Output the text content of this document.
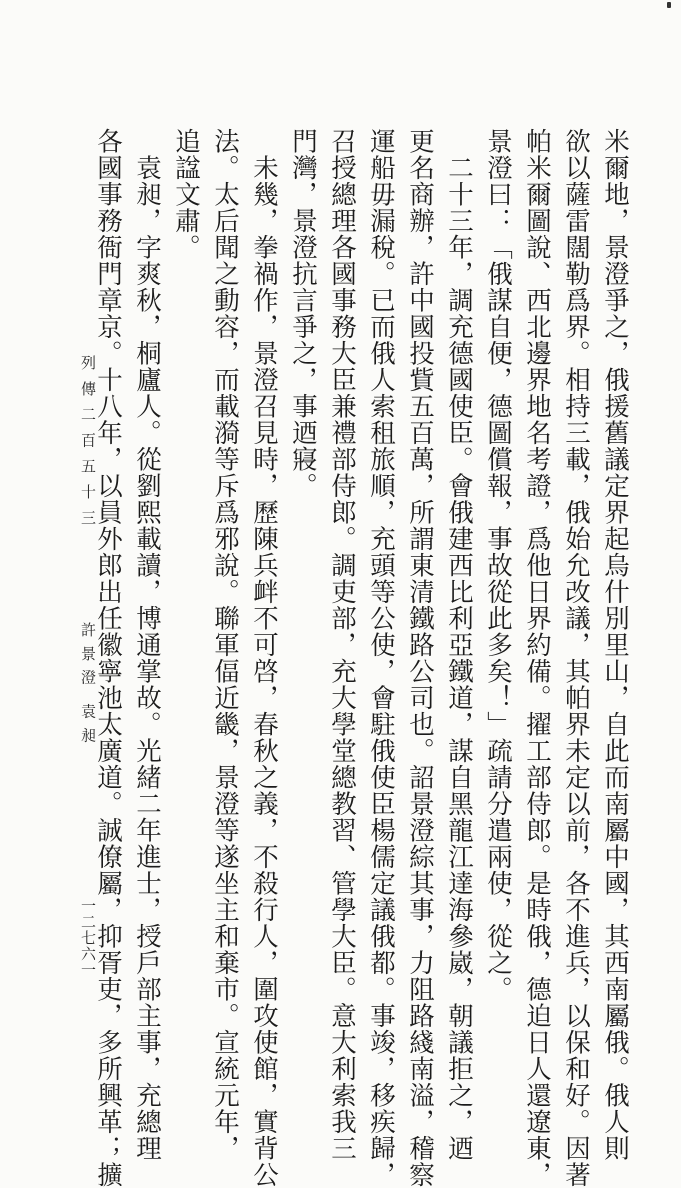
米爾地，景澄爭之，俄援舊議定界起烏什別里山，自此而南屬中國，其西南屬俄。俄人則
欲以薩雷闊勒爲界。相持三載，俄始允改議，其帕界未定以前，各不進兵，以保和好。因著
帕米爾圖說、西北邊界地名考證，爲他日界約備。擢工部侍郎。是時俄，德迫日人還遼東，
景澄曰：「俄謀自便，德圖償報，事故從此多矣！」疏請分遣兩使，從之。
　二十三年，調充德國使臣。會俄建西比利亞鐵道，謀自黑龍江達海參崴，朝議拒之，迺
更名商辦，許中國投貲五百萬，所謂東清鐵路公司也。詔景澄綜其事，力阻路綫南溢，稽察
運船毋漏稅。已而俄人索租旅順，充頭等公使，會駐俄使臣楊儒定議俄都。事竣，移疾歸，
召授總理各國事務大臣兼禮部侍郎。調吏部，充大學堂總教習、管學大臣。意大利索我三
門灣，景澄抗言爭之，事迺寢。
　未幾，拳禍作，景澄召見時，歷陳兵衅不可啓，春秋之義，不殺行人，圍攻使館，實背公
法。太后聞之動容，而載漪等斥爲邪說。聯軍偪近畿，景澄等遂坐主和棄市。宣統元年，
追諡文肅。
　袁昶，字爽秋，桐廬人。從劉熙載讀，博通掌故。光緒二年進士，授戶部主事，充總理
各國事務衙門章京。十八年，以員外郎出任徽寧池太廣道。誠僚屬，抑胥吏，多所興革；擴
列 傳 二 百 五 十 三
許 景 澄　袁 昶
一二七六一
